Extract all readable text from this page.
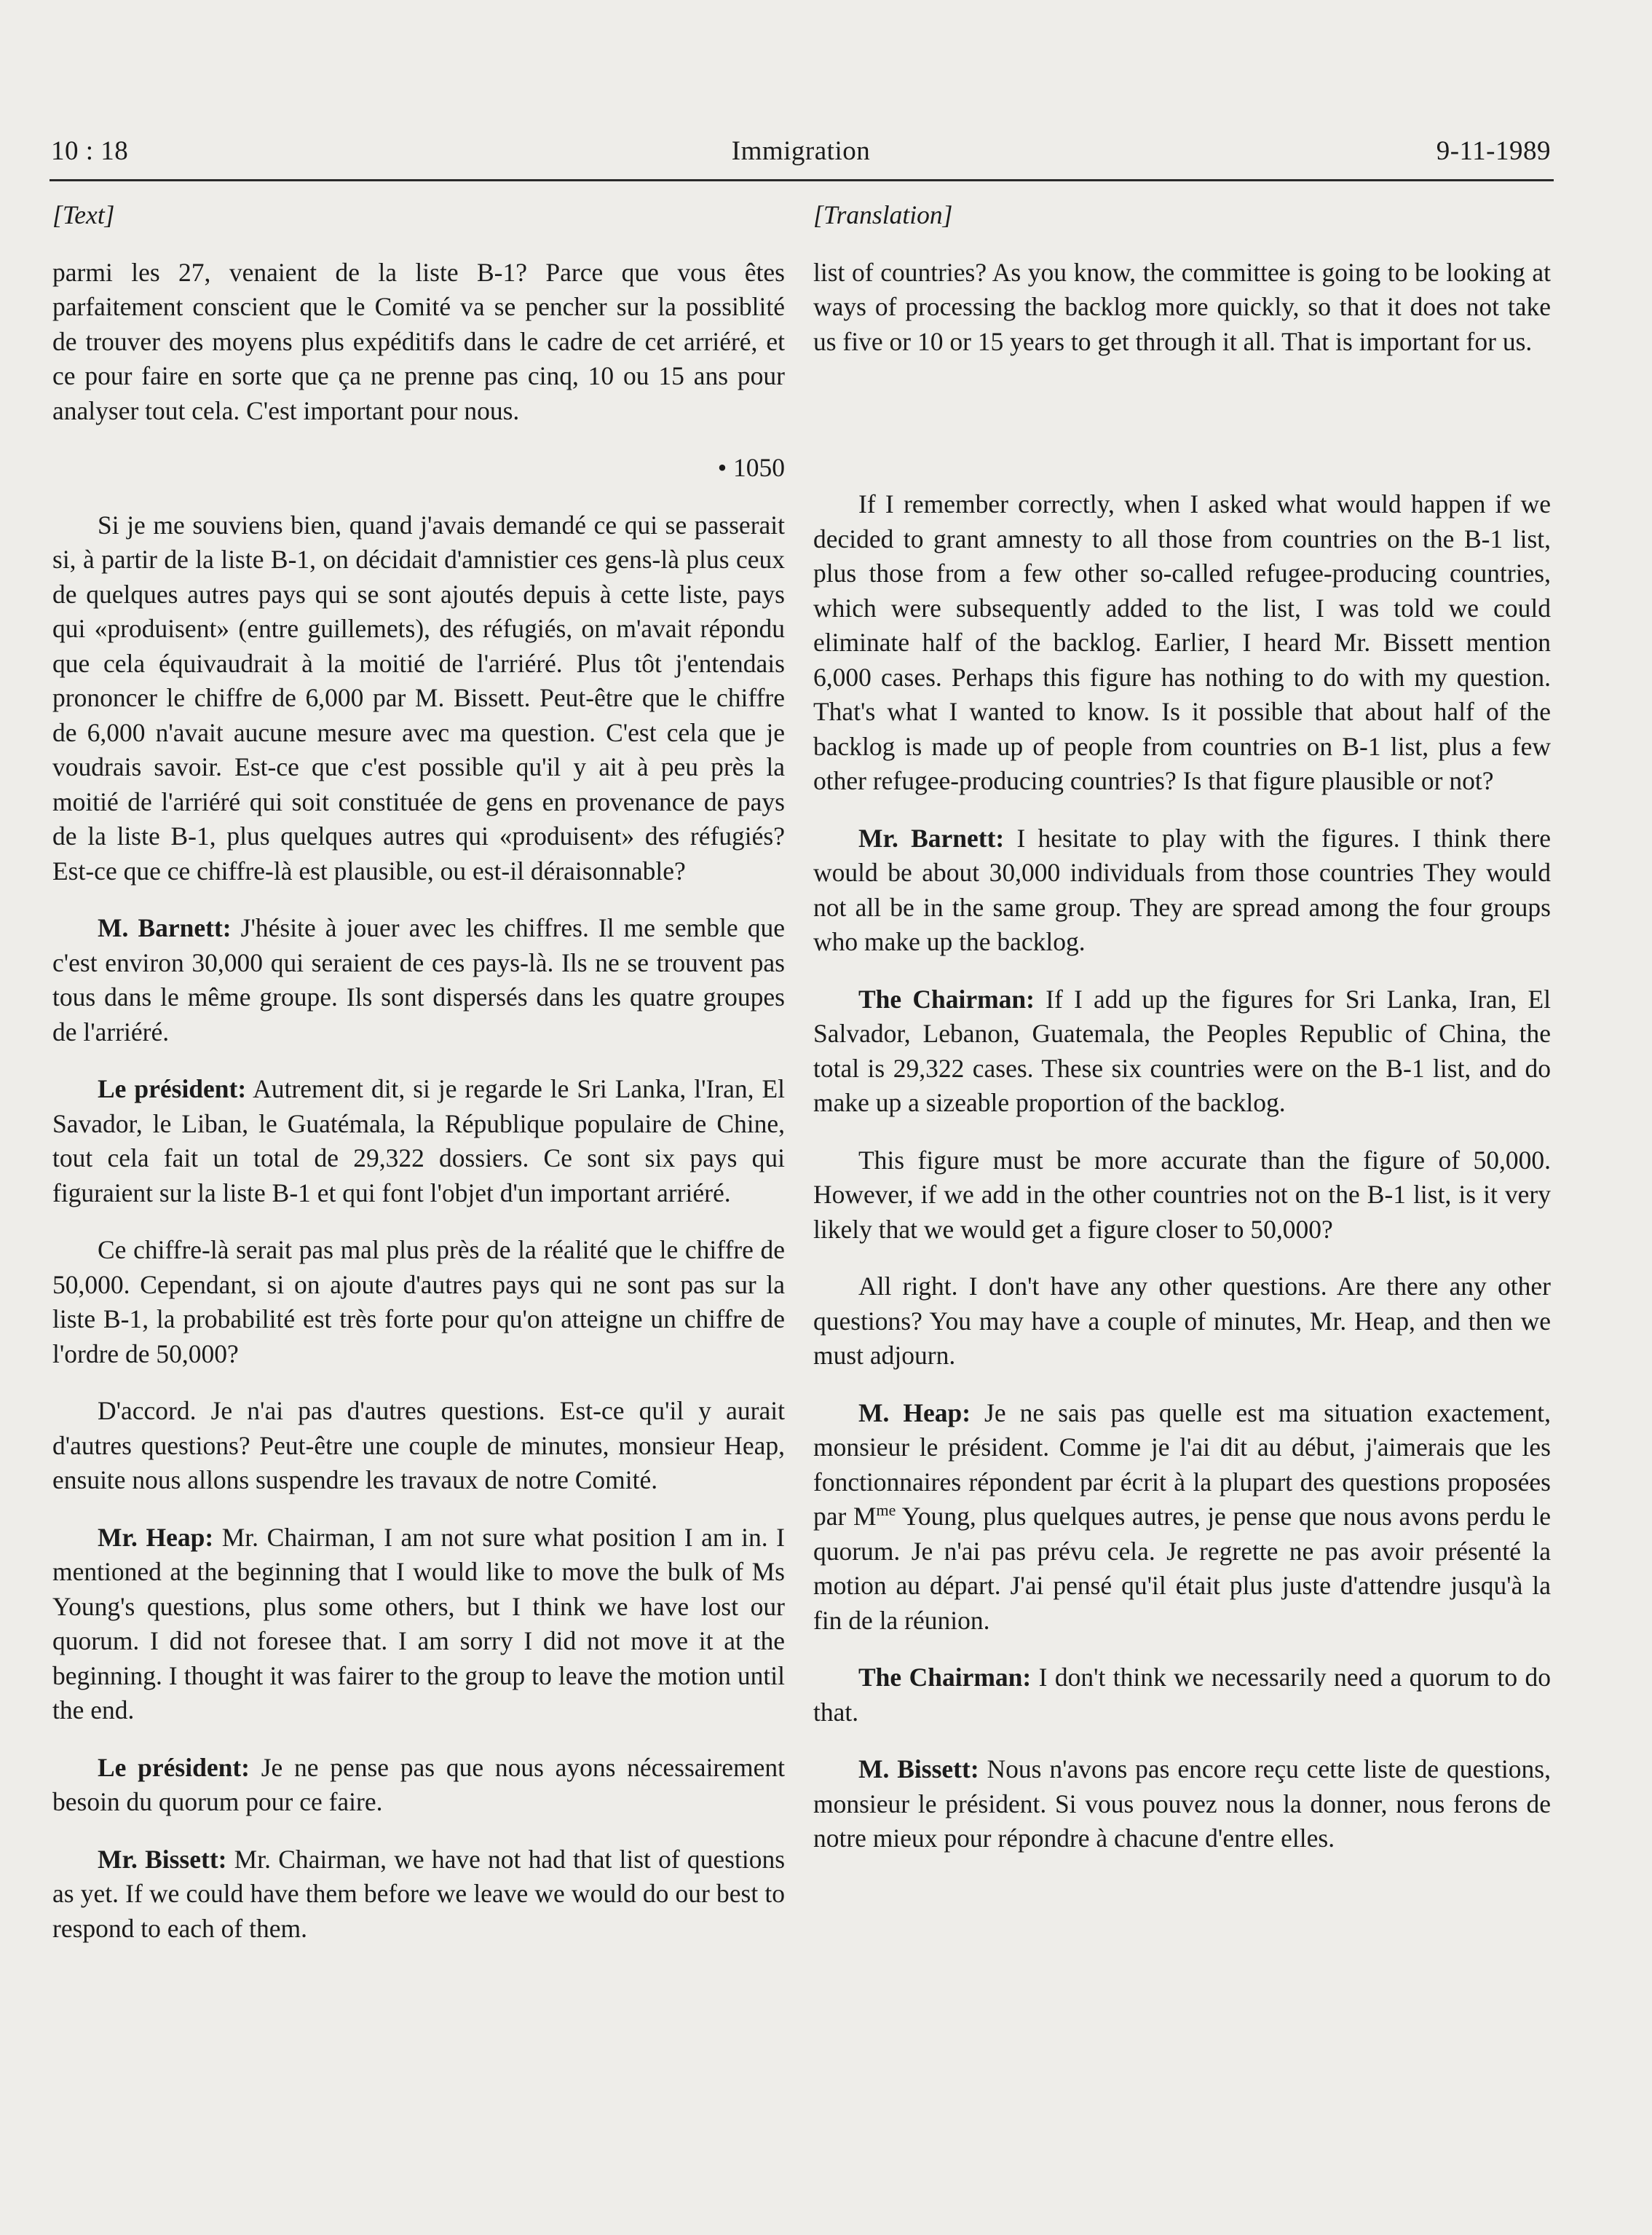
10 : 18	Immigration	9-11-1989

[Text]

parmi les 27, venaient de la liste B-1? Parce que vous êtes parfaitement conscient que le Comité va se pencher sur la possiblité de trouver des moyens plus expéditifs dans le cadre de cet arriéré, et ce pour faire en sorte que ça ne prenne pas cinq, 10 ou 15 ans pour analyser tout cela. C'est important pour nous.

• 1050

Si je me souviens bien, quand j'avais demandé ce qui se passerait si, à partir de la liste B-1, on décidait d'amnistier ces gens-là plus ceux de quelques autres pays qui se sont ajoutés depuis à cette liste, pays qui «produisent» (entre guillemets), des réfugiés, on m'avait répondu que cela équivaudrait à la moitié de l'arriéré. Plus tôt j'entendais prononcer le chiffre de 6,000 par M. Bissett. Peut-être que le chiffre de 6,000 n'avait aucune mesure avec ma question. C'est cela que je voudrais savoir. Est-ce que c'est possible qu'il y ait à peu près la moitié de l'arriéré qui soit constituée de gens en provenance de pays de la liste B-1, plus quelques autres qui «produisent» des réfugiés? Est-ce que ce chiffre-là est plausible, ou est-il déraisonnable?

M. Barnett: J'hésite à jouer avec les chiffres. Il me semble que c'est environ 30,000 qui seraient de ces pays-là. Ils ne se trouvent pas tous dans le même groupe. Ils sont dispersés dans les quatre groupes de l'arriéré.

Le président: Autrement dit, si je regarde le Sri Lanka, l'Iran, El Savador, le Liban, le Guatémala, la République populaire de Chine, tout cela fait un total de 29,322 dossiers. Ce sont six pays qui figuraient sur la liste B-1 et qui font l'objet d'un important arriéré.

Ce chiffre-là serait pas mal plus près de la réalité que le chiffre de 50,000. Cependant, si on ajoute d'autres pays qui ne sont pas sur la liste B-1, la probabilité est très forte pour qu'on atteigne un chiffre de l'ordre de 50,000?

D'accord. Je n'ai pas d'autres questions. Est-ce qu'il y aurait d'autres questions? Peut-être une couple de minutes, monsieur Heap, ensuite nous allons suspendre les travaux de notre Comité.

Mr. Heap: Mr. Chairman, I am not sure what position I am in. I mentioned at the beginning that I would like to move the bulk of Ms Young's questions, plus some others, but I think we have lost our quorum. I did not foresee that. I am sorry I did not move it at the beginning. I thought it was fairer to the group to leave the motion until the end.

Le président: Je ne pense pas que nous ayons nécessairement besoin du quorum pour ce faire.

Mr. Bissett: Mr. Chairman, we have not had that list of questions as yet. If we could have them before we leave we would do our best to respond to each of them.

[Translation]

list of countries? As you know, the committee is going to be looking at ways of processing the backlog more quickly, so that it does not take us five or 10 or 15 years to get through it all. That is important for us.

If I remember correctly, when I asked what would happen if we decided to grant amnesty to all those from countries on the B-1 list, plus those from a few other so-called refugee-producing countries, which were subsequently added to the list, I was told we could eliminate half of the backlog. Earlier, I heard Mr. Bissett mention 6,000 cases. Perhaps this figure has nothing to do with my question. That's what I wanted to know. Is it possible that about half of the backlog is made up of people from countries on B-1 list, plus a few other refugee-producing countries? Is that figure plausible or not?

Mr. Barnett: I hesitate to play with the figures. I think there would be about 30,000 individuals from those countries They would not all be in the same group. They are spread among the four groups who make up the backlog.

The Chairman: If I add up the figures for Sri Lanka, Iran, El Salvador, Lebanon, Guatemala, the Peoples Republic of China, the total is 29,322 cases. These six countries were on the B-1 list, and do make up a sizeable proportion of the backlog.

This figure must be more accurate than the figure of 50,000. However, if we add in the other countries not on the B-1 list, is it very likely that we would get a figure closer to 50,000?

All right. I don't have any other questions. Are there any other questions? You may have a couple of minutes, Mr. Heap, and then we must adjourn.

M. Heap: Je ne sais pas quelle est ma situation exactement, monsieur le président. Comme je l'ai dit au début, j'aimerais que les fonctionnaires répondent par écrit à la plupart des questions proposées par $M^{me}$ Young, plus quelques autres, je pense que nous avons perdu le quorum. Je n'ai pas prévu cela. Je regrette ne pas avoir présenté la motion au départ. J'ai pensé qu'il était plus juste d'attendre jusqu'à la fin de la réunion.

The Chairman: I don't think we necessarily need a quorum to do that.

M. Bissett: Nous n'avons pas encore reçu cette liste de questions, monsieur le président. Si vous pouvez nous la donner, nous ferons de notre mieux pour répondre à chacune d'entre elles.
